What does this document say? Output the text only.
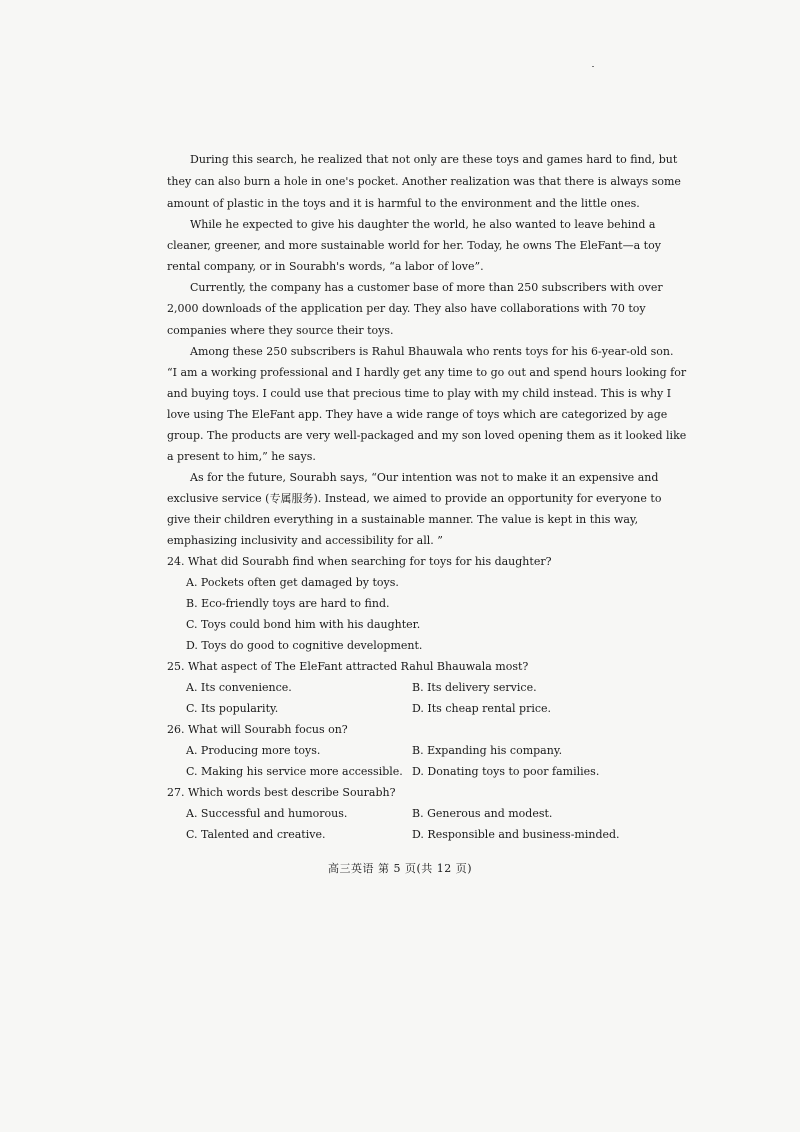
During this search, he realized that not only are these toys and games hard to find, but
they can also burn a hole in one's pocket. Another realization was that there is always some
amount of plastic in the toys and it is harmful to the environment and the little ones.
While he expected to give his daughter the world, he also wanted to leave behind a
cleaner, greener, and more sustainable world for her. Today, he owns The EleFant—a toy
rental company, or in Sourabh's words, “a labor of love”.
Currently, the company has a customer base of more than 250 subscribers with over
2,000 downloads of the application per day. They also have collaborations with 70 toy
companies where they source their toys.
Among these 250 subscribers is Rahul Bhauwala who rents toys for his 6-year-old son.
“I am a working professional and I hardly get any time to go out and spend hours looking for
and buying toys. I could use that precious time to play with my child instead. This is why I
love using The EleFant app. They have a wide range of toys which are categorized by age
group. The products are very well-packaged and my son loved opening them as it looked like
a present to him,” he says.
As for the future, Sourabh says, “Our intention was not to make it an expensive and
exclusive service (专属服务). Instead, we aimed to provide an opportunity for everyone to
give their children everything in a sustainable manner. The value is kept in this way,
emphasizing inclusivity and accessibility for all. ”
24. What did Sourabh find when searching for toys for his daughter?
A. Pockets often get damaged by toys.
B. Eco-friendly toys are hard to find.
C. Toys could bond him with his daughter.
D. Toys do good to cognitive development.
25. What aspect of The EleFant attracted Rahul Bhauwala most?
A. Its convenience.	B. Its delivery service.
C. Its popularity.	D. Its cheap rental price.
26. What will Sourabh focus on?
A. Producing more toys.	B. Expanding his company.
C. Making his service more accessible. D. Donating toys to poor families.
27. Which words best describe Sourabh?
A. Successful and humorous.	B. Generous and modest.
C. Talented and creative.	D. Responsible and business-minded.
高三英语 第 5 页(共 12 页)
